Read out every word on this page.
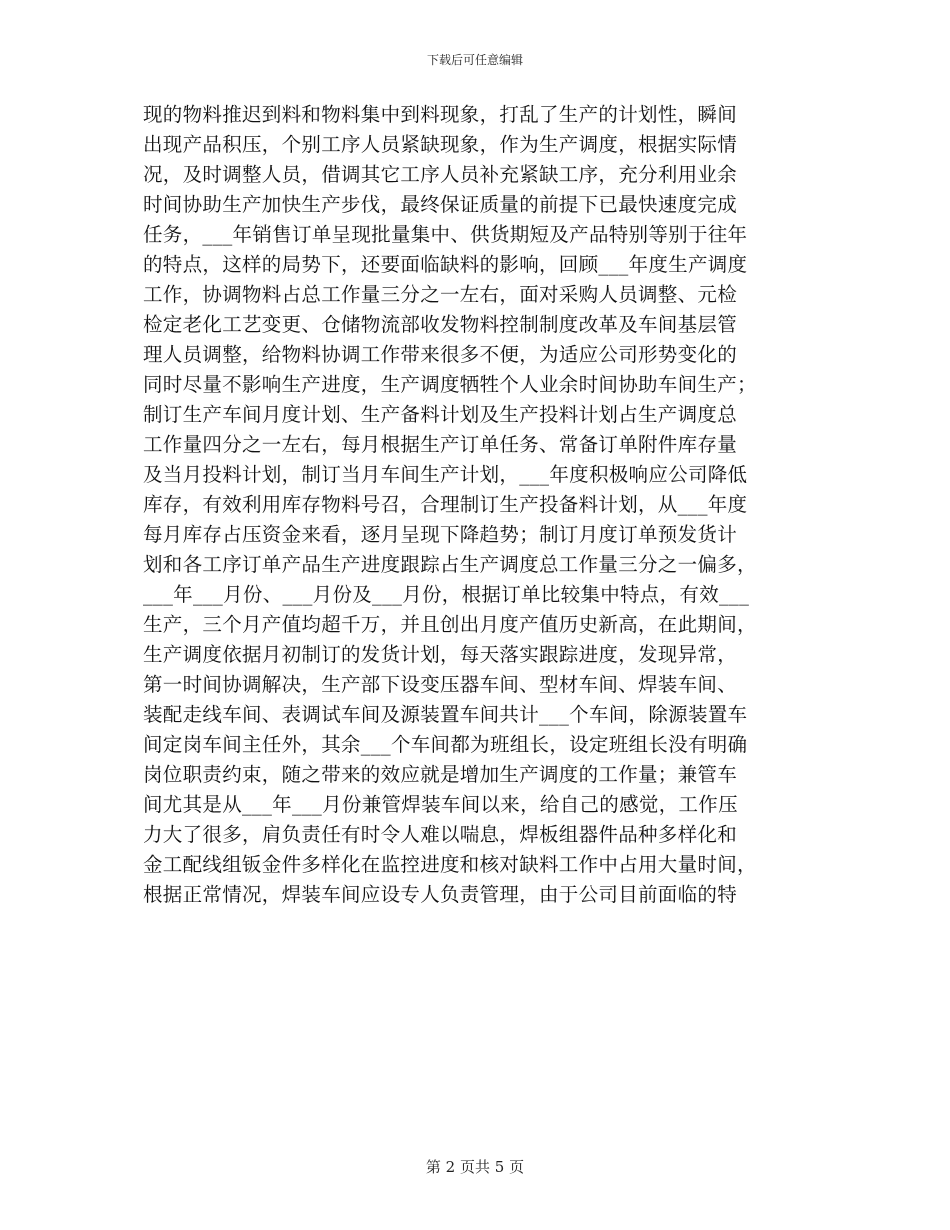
下载后可任意编辑
现的物料推迟到料和物料集中到料现象，打乱了生产的计划性，瞬间
出现产品积压，个别工序人员紧缺现象，作为生产调度，根据实际情
况，及时调整人员，借调其它工序人员补充紧缺工序，充分利用业余
时间协助生产加快生产步伐，最终保证质量的前提下已最快速度完成
任务，___年销售订单呈现批量集中、供货期短及产品特别等别于往年
的特点，这样的局势下，还要面临缺料的影响，回顾___年度生产调度
工作，协调物料占总工作量三分之一左右，面对采购人员调整、元检
检定老化工艺变更、仓储物流部收发物料控制制度改革及车间基层管
理人员调整，给物料协调工作带来很多不便，为适应公司形势变化的
同时尽量不影响生产进度，生产调度牺牲个人业余时间协助车间生产；
制订生产车间月度计划、生产备料计划及生产投料计划占生产调度总
工作量四分之一左右，每月根据生产订单任务、常备订单附件库存量
及当月投料计划，制订当月车间生产计划，___年度积极响应公司降低
库存，有效利用库存物料号召，合理制订生产投备料计划，从___年度
每月库存占压资金来看，逐月呈现下降趋势；制订月度订单预发货计
划和各工序订单产品生产进度跟踪占生产调度总工作量三分之一偏多，
___年___月份、___月份及___月份，根据订单比较集中特点，有效___
生产，三个月产值均超千万，并且创出月度产值历史新高，在此期间，
生产调度依据月初制订的发货计划，每天落实跟踪进度，发现异常，
第一时间协调解决，生产部下设变压器车间、型材车间、焊装车间、
装配走线车间、表调试车间及源装置车间共计___个车间，除源装置车
间定岗车间主任外，其余___个车间都为班组长，设定班组长没有明确
岗位职责约束，随之带来的效应就是增加生产调度的工作量；兼管车
间尤其是从___年___月份兼管焊装车间以来，给自己的感觉，工作压
力大了很多，肩负责任有时令人难以喘息，焊板组器件品种多样化和
金工配线组钣金件多样化在监控进度和核对缺料工作中占用大量时间，
根据正常情况，焊装车间应设专人负责管理，由于公司目前面临的特
第 2 页共 5 页
